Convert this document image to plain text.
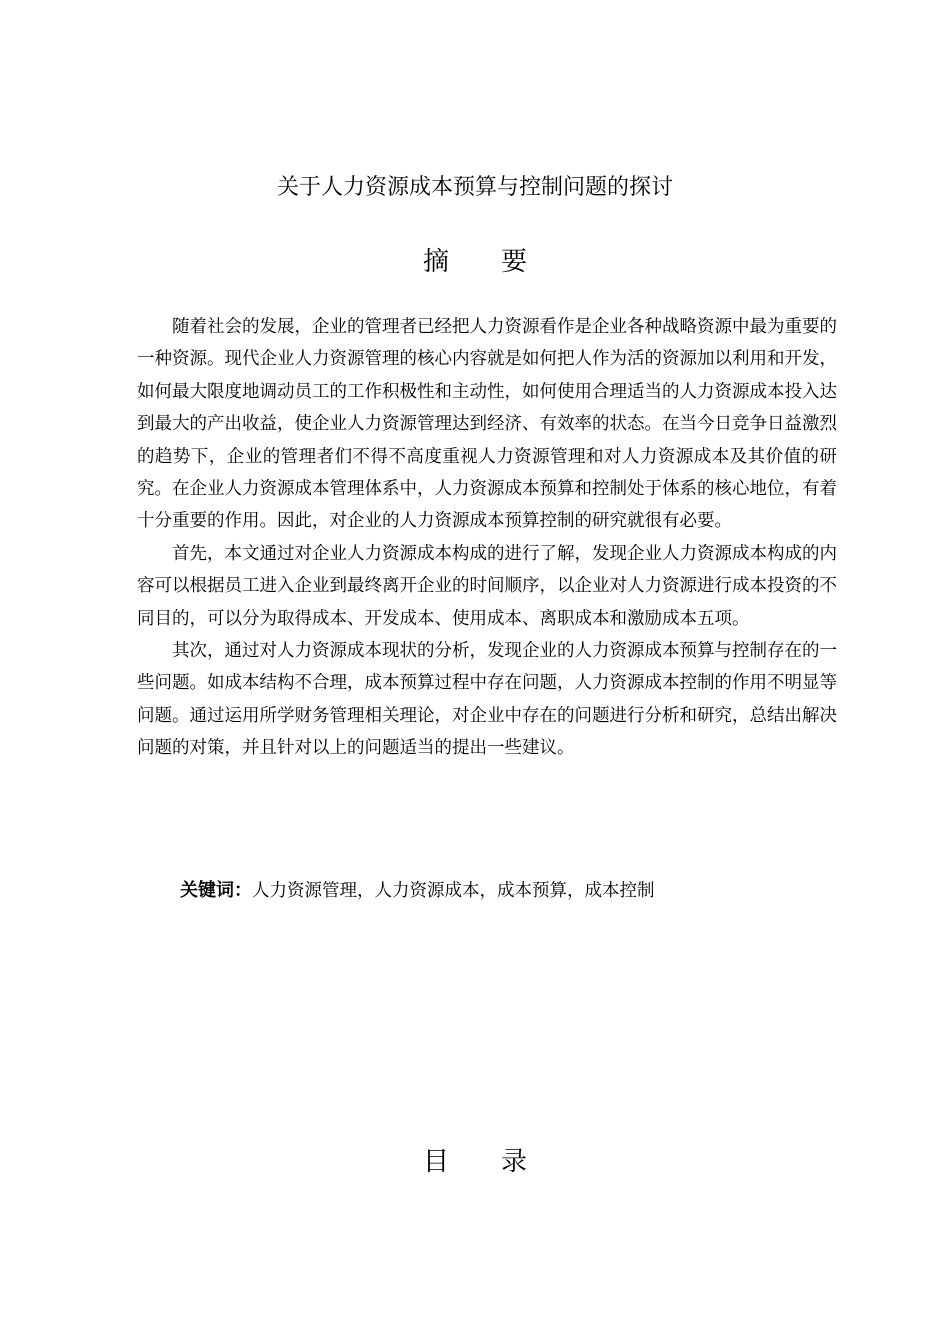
关于人力资源成本预算与控制问题的探讨
摘要

随着社会的发展，企业的管理者已经把人力资源看作是企业各种战略资源中最为重要的一种资源。现代企业人力资源管理的核心内容就是如何把人作为活的资源加以利用和开发，如何最大限度地调动员工的工作积极性和主动性，如何使用合理适当的人力资源成本投入达到最大的产出收益，使企业人力资源管理达到经济、有效率的状态。在当今日竞争日益激烈的趋势下，企业的管理者们不得不高度重视人力资源管理和对人力资源成本及其价值的研究。在企业人力资源成本管理体系中，人力资源成本预算和控制处于体系的核心地位，有着十分重要的作用。因此，对企业的人力资源成本预算控制的研究就很有必要。

首先，本文通过对企业人力资源成本构成的进行了解，发现企业人力资源成本构成的内容可以根据员工进入企业到最终离开企业的时间顺序，以企业对人力资源进行成本投资的不同目的，可以分为取得成本、开发成本、使用成本、离职成本和激励成本五项。

其次，通过对人力资源成本现状的分析，发现企业的人力资源成本预算与控制存在的一些问题。如成本结构不合理，成本预算过程中存在问题，人力资源成本控制的作用不明显等问题。通过运用所学财务管理相关理论，对企业中存在的问题进行分析和研究，总结出解决问题的对策，并且针对以上的问题适当的提出一些建议。

关键词：人力资源管理，人力资源成本，成本预算，成本控制

目录
